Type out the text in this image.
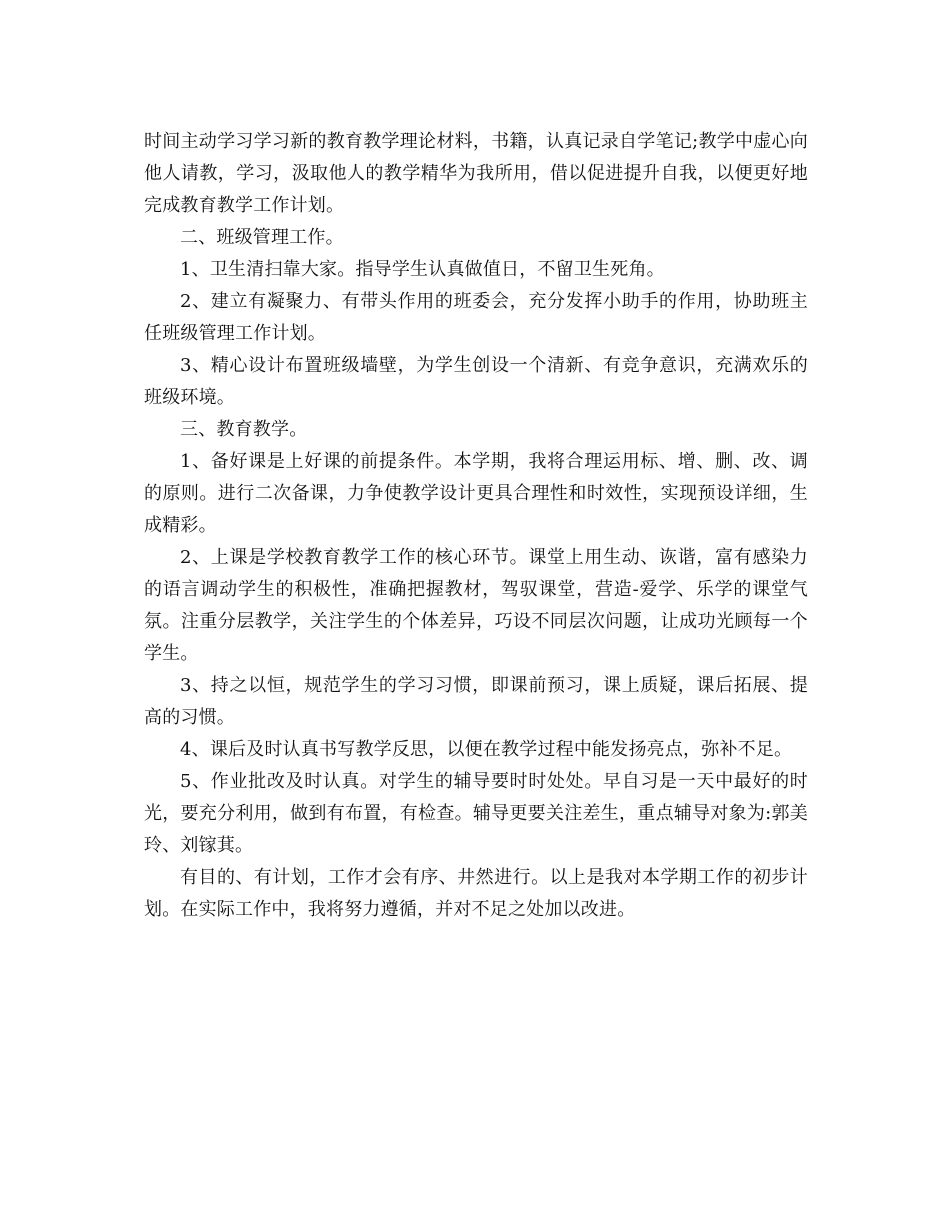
时间主动学习学习新的教育教学理论材料，书籍，认真记录自学笔记;教学中虚心向他人请教，学习，汲取他人的教学精华为我所用，借以促进提升自我，以便更好地完成教育教学工作计划。

二、班级管理工作。

1、卫生清扫靠大家。指导学生认真做值日，不留卫生死角。

2、建立有凝聚力、有带头作用的班委会，充分发挥小助手的作用，协助班主任班级管理工作计划。

3、精心设计布置班级墙壁，为学生创设一个清新、有竞争意识，充满欢乐的班级环境。

三、教育教学。

1、备好课是上好课的前提条件。本学期，我将合理运用标、增、删、改、调的原则。进行二次备课，力争使教学设计更具合理性和时效性，实现预设详细，生成精彩。

2、上课是学校教育教学工作的核心环节。课堂上用生动、诙谐，富有感染力的语言调动学生的积极性，准确把握教材，驾驭课堂，营造-爱学、乐学的课堂气氛。注重分层教学，关注学生的个体差异，巧设不同层次问题，让成功光顾每一个学生。

3、持之以恒，规范学生的学习习惯，即课前预习，课上质疑，课后拓展、提高的习惯。

4、课后及时认真书写教学反思，以便在教学过程中能发扬亮点，弥补不足。

5、作业批改及时认真。对学生的辅导要时时处处。早自习是一天中最好的时光，要充分利用，做到有布置，有检查。辅导更要关注差生，重点辅导对象为:郭美玲、刘镓萁。

有目的、有计划，工作才会有序、井然进行。以上是我对本学期工作的初步计划。在实际工作中，我将努力遵循，并对不足之处加以改进。
